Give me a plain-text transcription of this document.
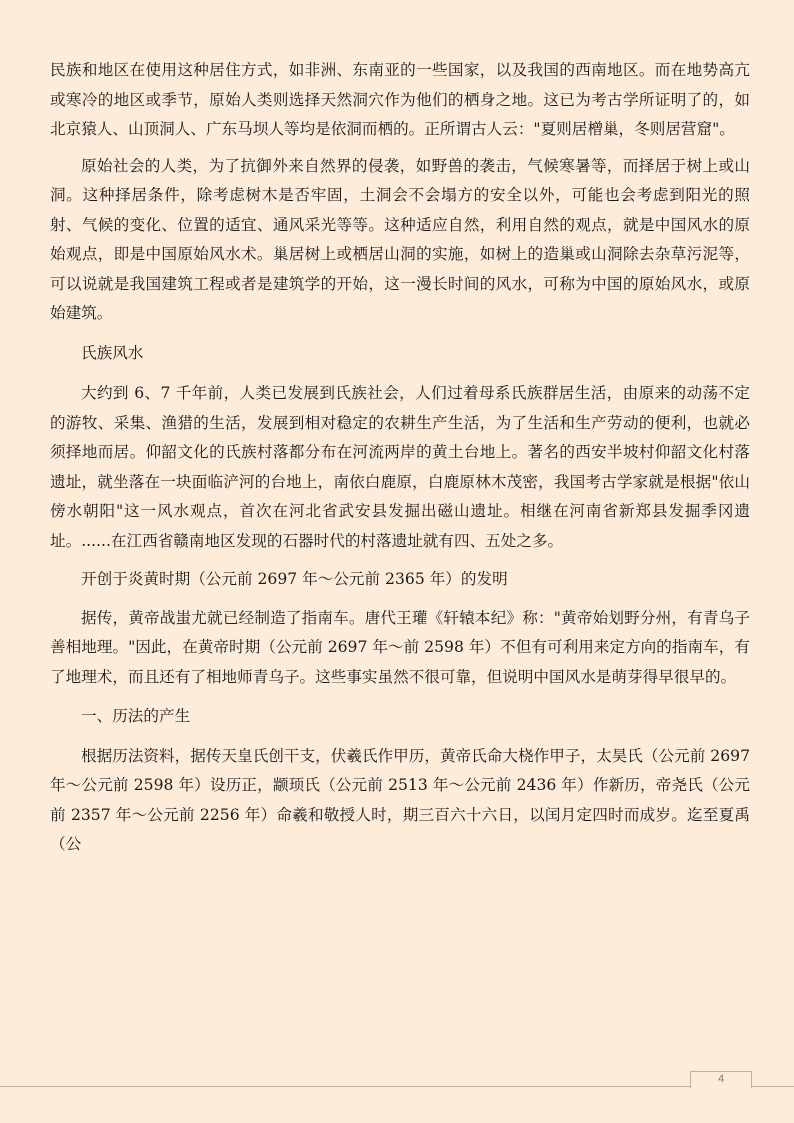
民族和地区在使用这种居住方式，如非洲、东南亚的一些国家，以及我国的西南地区。而在地势高亢或寒冷的地区或季节，原始人类则选择天然洞穴作为他们的栖身之地。这已为考古学所证明了的，如北京猿人、山顶洞人、广东马坝人等均是依洞而栖的。正所谓古人云："夏则居橧巢，冬则居营窟"。

原始社会的人类，为了抗御外来自然界的侵袭，如野兽的袭击，气候寒暑等，而择居于树上或山洞。这种择居条件，除考虑树木是否牢固，土洞会不会塌方的安全以外，可能也会考虑到阳光的照射、气候的变化、位置的适宜、通风采光等等。这种适应自然，利用自然的观点，就是中国风水的原始观点，即是中国原始风水术。巢居树上或栖居山洞的实施，如树上的造巢或山洞除去杂草污泥等，可以说就是我国建筑工程或者是建筑学的开始，这一漫长时间的风水，可称为中国的原始风水，或原始建筑。

氏族风水

大约到 6、7 千年前，人类已发展到氏族社会，人们过着母系氏族群居生活，由原来的动荡不定的游牧、采集、渔猎的生活，发展到相对稳定的农耕生产生活，为了生活和生产劳动的便利，也就必须择地而居。仰韶文化的氏族村落都分布在河流两岸的黄土台地上。著名的西安半坡村仰韶文化村落遗址，就坐落在一块面临浐河的台地上，南依白鹿原，白鹿原林木茂密，我国考古学家就是根据"依山傍水朝阳"这一风水观点，首次在河北省武安县发掘出磁山遗址。相继在河南省新郑县发掘季冈遗址。......在江西省赣南地区发现的石器时代的村落遗址就有四、五处之多。

开创于炎黄时期（公元前 2697 年～公元前 2365 年）的发明

据传，黄帝战蚩尤就已经制造了指南车。唐代王瓘《轩辕本纪》称："黄帝始划野分州，有青乌子善相地理。"因此，在黄帝时期（公元前 2697 年～前 2598 年）不但有可利用来定方向的指南车，有了地理术，而且还有了相地师青乌子。这些事实虽然不很可靠，但说明中国风水是萌芽得早很早的。

一、历法的产生

根据历法资料，据传天皇氏创干支，伏羲氏作甲历，黄帝氏命大桡作甲子，太昊氏（公元前 2697 年～公元前 2598 年）设历正，颛顼氏（公元前 2513 年～公元前 2436 年）作新历，帝尧氏（公元前 2357 年～公元前 2256 年）命羲和敬授人时，期三百六十六日，以闰月定四时而成岁。迄至夏禹（公

4
